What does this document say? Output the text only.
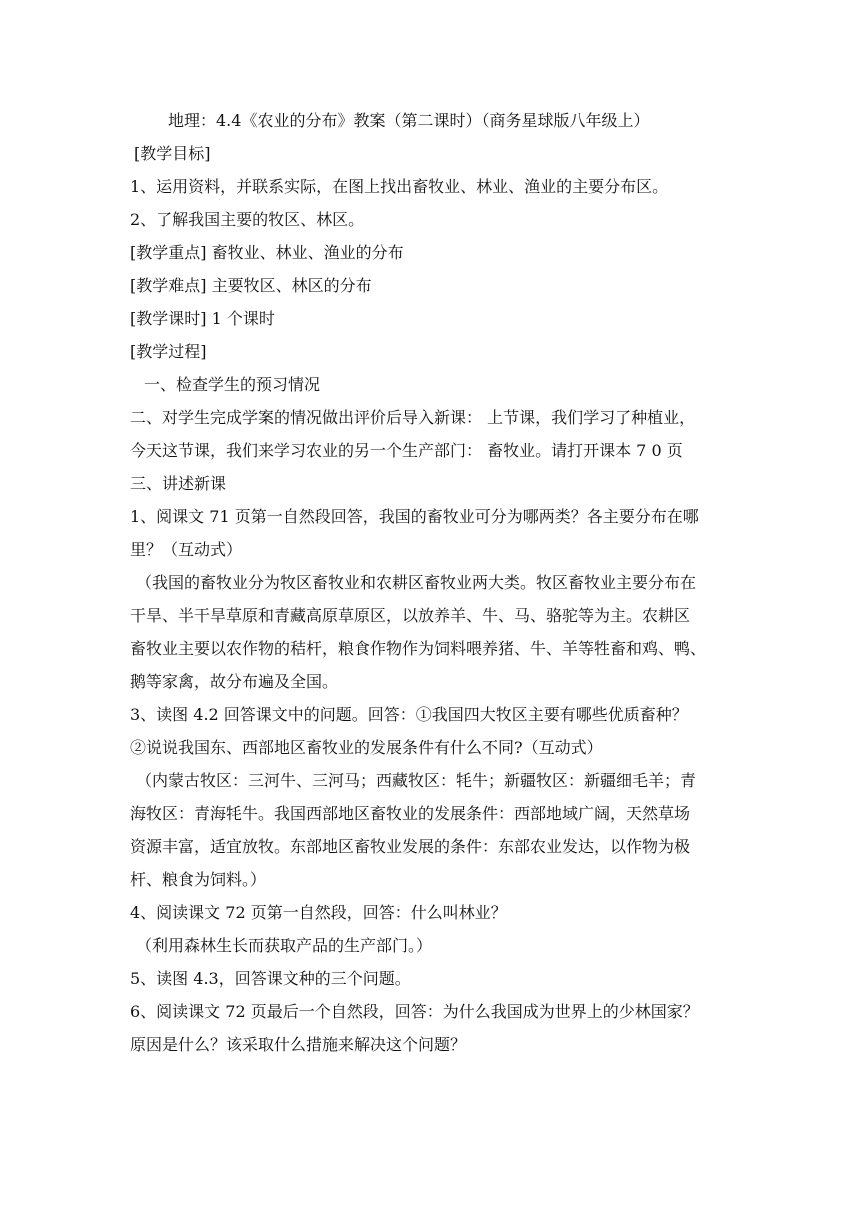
地理：4.4《农业的分布》教案（第二课时）（商务星球版八年级上）

[教学目标]

1、运用资料，并联系实际，在图上找出畜牧业、林业、渔业的主要分布区。

2、了解我国主要的牧区、林区。

[教学重点] 畜牧业、林业、渔业的分布

[教学难点] 主要牧区、林区的分布

[教学课时] 1 个课时

[教学过程]

一、检查学生的预习情况

二、对学生完成学案的情况做出评价后导入新课： 上节课，我们学习了种植业，

今天这节课，我们来学习农业的另一个生产部门： 畜牧业。请打开课本 7 0 页

三、讲述新课

1、阅课文 71 页第一自然段回答，我国的畜牧业可分为哪两类？各主要分布在哪

里？（互动式）

（我国的畜牧业分为牧区畜牧业和农耕区畜牧业两大类。牧区畜牧业主要分布在

干旱、半干旱草原和青藏高原草原区，以放养羊、牛、马、骆驼等为主。农耕区

畜牧业主要以农作物的秸杆，粮食作物作为饲料喂养猪、牛、羊等牲畜和鸡、鸭、

鹅等家禽，故分布遍及全国。

3、读图 4.2 回答课文中的问题。回答：①我国四大牧区主要有哪些优质畜种？

②说说我国东、西部地区畜牧业的发展条件有什么不同?（互动式）

（内蒙古牧区：三河牛、三河马；西藏牧区：牦牛；新疆牧区：新疆细毛羊；青

海牧区：青海牦牛。我国西部地区畜牧业的发展条件：西部地域广阔，天然草场

资源丰富，适宜放牧。东部地区畜牧业发展的条件：东部农业发达，以作物为极

杆、粮食为饲料。）

4、阅读课文 72 页第一自然段，回答：什么叫林业？

（利用森林生长而获取产品的生产部门。）

5、读图 4.3，回答课文种的三个问题。

6、阅读课文 72 页最后一个自然段，回答：为什么我国成为世界上的少林国家？

原因是什么？该采取什么措施来解决这个问题？
